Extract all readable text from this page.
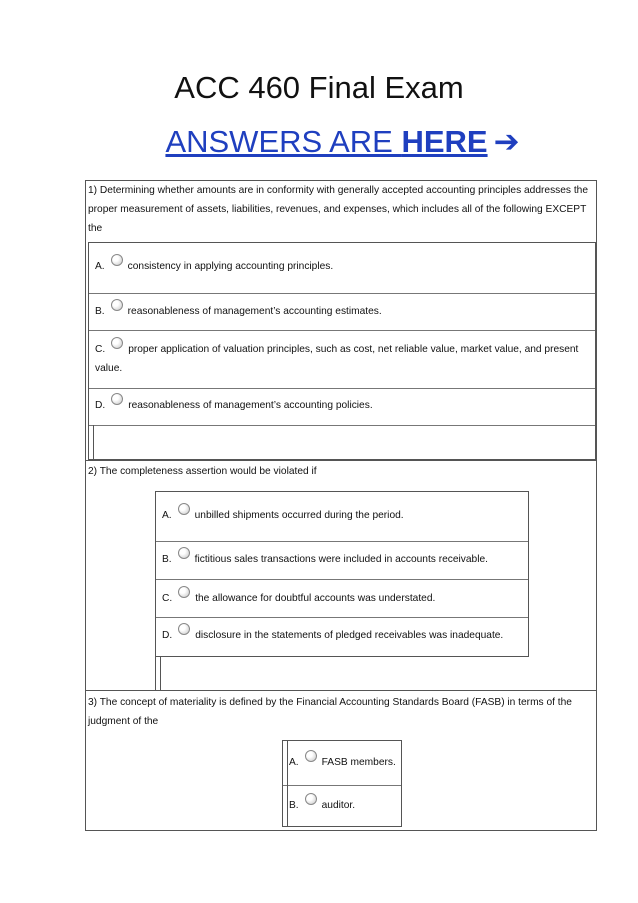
ACC 460 Final Exam
ANSWERS ARE HERE ➔
1) Determining whether amounts are in conformity with generally accepted accounting principles addresses the proper measurement of assets, liabilities, revenues, and expenses, which includes all of the following EXCEPT the
A. consistency in applying accounting principles.
B. reasonableness of management’s accounting estimates.
C. proper application of valuation principles, such as cost, net reliable value, market value, and present value.
D. reasonableness of management’s accounting policies.
2) The completeness assertion would be violated if
A. unbilled shipments occurred during the period.
B. fictitious sales transactions were included in accounts receivable.
C. the allowance for doubtful accounts was understated.
D. disclosure in the statements of pledged receivables was inadequate.
3) The concept of materiality is defined by the Financial Accounting Standards Board (FASB) in terms of the judgment of the
A. FASB members.
B. auditor.
